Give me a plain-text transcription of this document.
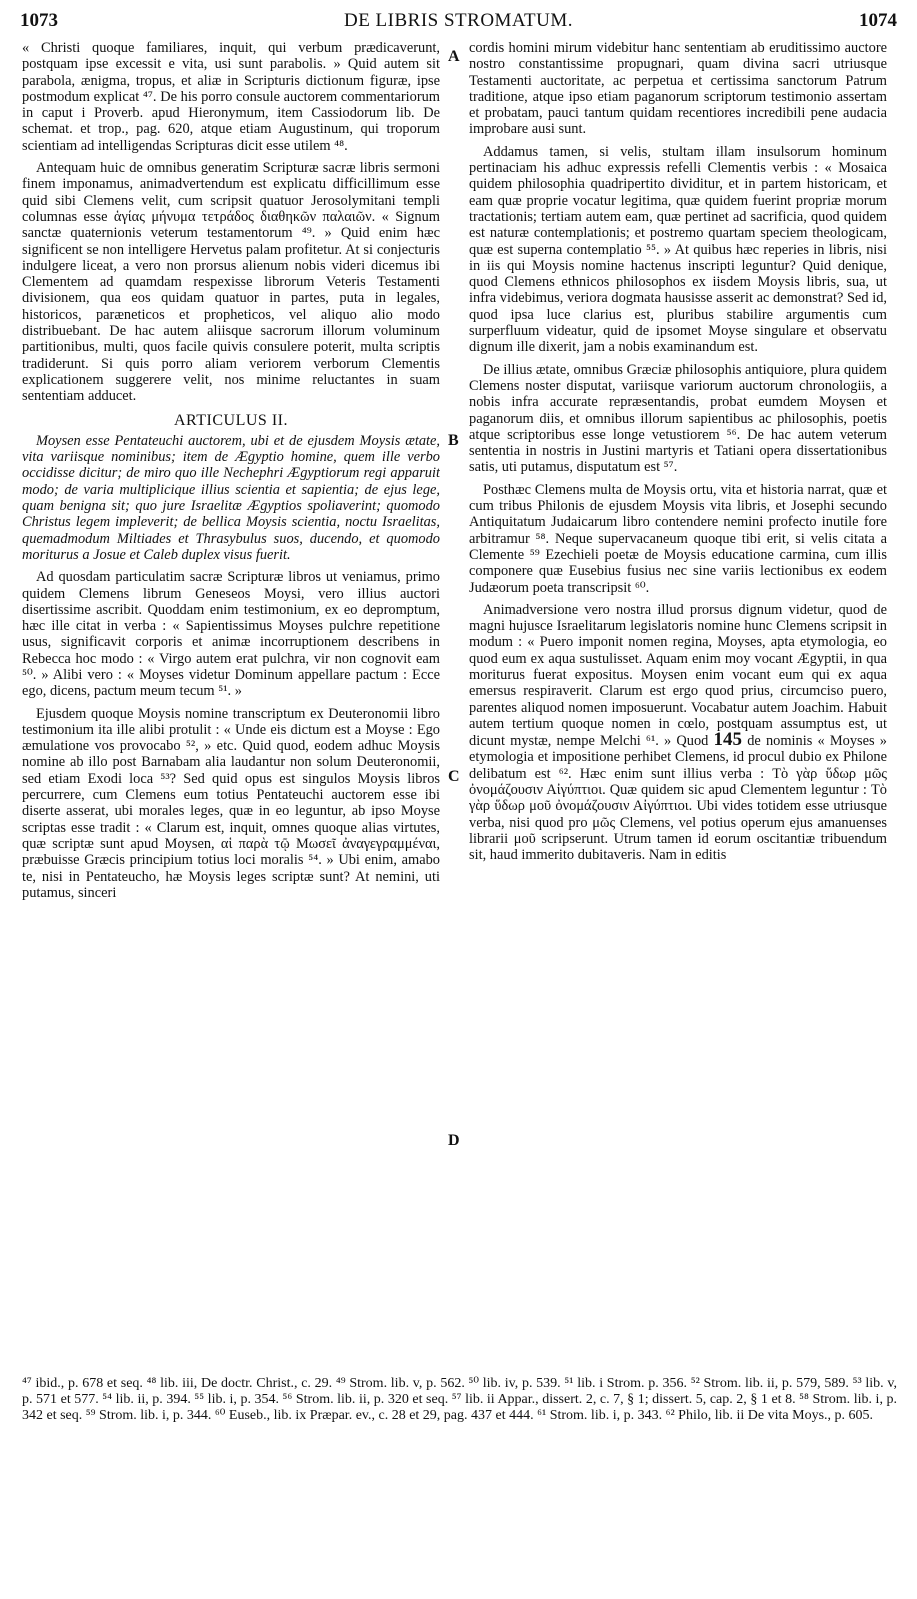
1073	DE LIBRIS STROMATUM.	1074

« Christi quoque familiares, inquit, qui verbum prædicaverunt, postquam ipse excessit e vita, usi sunt parabolis. » Quid autem sit parabola, ænigma, tropus, et aliæ in Scripturis dictionum figuræ, ipse postmodum explicat ⁴⁷. De his porro consule auctorem commentariorum in caput i Proverb. apud Hieronymum, item Cassiodorum lib. De schemat. et trop., pag. 620, atque etiam Augustinum, qui troporum scientiam ad intelligendas Scripturas dicit esse utilem ⁴⁸.

Antequam huic de omnibus generatim Scripturæ sacræ libris sermoni finem imponamus, animadvertendum est explicatu difficillimum esse quid sibi Clemens velit, cum scripsit quatuor Jerosolymitani templi columnas esse ἁγίας μήνυμα τετράδος διαθηκῶν παλαιῶν. « Signum sanctæ quaternionis veterum testamentorum ⁴⁹. » Quid enim hæc significent se non intelligere Hervetus palam profitetur. At si conjecturis indulgere liceat, a vero non prorsus alienum nobis videri dicemus ibi Clementem ad quamdam respexisse librorum Veteris Testamenti divisionem, qua eos quidam quatuor in partes, puta in legales, historicos, paræneticos et propheticos, vel aliquo alio modo distribuebant. De hac autem aliisque sacrorum illorum voluminum partitionibus, multi, quos facile quivis consulere poterit, multa scriptis tradiderunt. Si quis porro aliam veriorem verborum Clementis explicationem suggerere velit, nos minime reluctantes in suam sententiam adducet.

ARTICULUS II.

Moysen esse Pentateuchi auctorem, ubi et de ejusdem Moysis ætate, vita variisque nominibus; item de Ægyptio homine, quem ille verbo occidisse dicitur; de miro quo ille Nechephri Ægyptiorum regi apparuit modo; de varia multiplicique illius scientia et sapientia; de ejus lege, quam benigna sit; quo jure Israelitæ Ægyptios spoliaverint; quomodo Christus legem impleverit; de bellica Moysis scientia, noctu Israelitas, quemadmodum Miltiades et Thrasybulus suos, ducendo, et quomodo moriturus a Josue et Caleb duplex visus fuerit.

Ad quosdam particulatim sacræ Scripturæ libros ut veniamus, primo quidem Clemens librum Geneseos Moysi, vero illius auctori disertissime ascribit. Quoddam enim testimonium, ex eo depromptum, hæc ille citat in verba : « Sapientissimus Moyses pulchre repetitione usus, significavit corporis et animæ incorruptionem describens in Rebecca hoc modo : « Virgo autem erat pulchra, vir non cognovit eam ⁵⁰. » Alibi vero : « Moyses videtur Dominum appellare pactum : Ecce ego, dicens, pactum meum tecum ⁵¹. »

Ejusdem quoque Moysis nomine transcriptum ex Deuteronomii libro testimonium ita ille alibi protulit : « Unde eis dictum est a Moyse : Ego æmulatione vos provocabo ⁵², » etc. Quid quod, eodem adhuc Moysis nomine ab illo post Barnabam alia laudantur non solum Deuteronomii, sed etiam Exodi loca ⁵³? Sed quid opus est singulos Moysis libros percurrere, cum Clemens eum totius Pentateuchi auctorem esse ibi diserte asserat, ubi morales leges, quæ in eo leguntur, ab ipso Moyse scriptas esse tradit : « Clarum est, inquit, omnes quoque alias virtutes, quæ scriptæ sunt apud Moysen, αἱ παρὰ τῷ Μωσεῖ ἀναγεγραμμέναι, præbuisse Græcis principium totius loci moralis ⁵⁴. » Ubi enim, amabo te, nisi in Pentateucho, hæ Moysis leges scriptæ sunt? At nemini, uti putamus, sinceri

A
B
C
D

cordis homini mirum videbitur hanc sententiam ab eruditissimo auctore nostro constantissime propugnari, quam divina sacri utriusque Testamenti auctoritate, ac perpetua et certissima sanctorum Patrum traditione, atque ipso etiam paganorum scriptorum testimonio assertam et probatam, pauci tantum quidam recentiores incredibili pene audacia improbare ausi sunt.

Addamus tamen, si velis, stultam illam insulsorum hominum pertinaciam his adhuc expressis refelli Clementis verbis : « Mosaica quidem philosophia quadripertito dividitur, et in partem historicam, et eam quæ proprie vocatur legitima, quæ quidem fuerint propriæ morum tractationis; tertiam autem eam, quæ pertinet ad sacrificia, quod quidem est naturæ contemplationis; et postremo quartam speciem theologicam, quæ est superna contemplatio ⁵⁵. » At quibus hæc reperies in libris, nisi in iis qui Moysis nomine hactenus inscripti leguntur? Quid denique, quod Clemens ethnicos philosophos ex iisdem Moysis libris, sua, ut infra videbimus, veriora dogmata hausisse asserit ac demonstrat? Sed id, quod ipsa luce clarius est, pluribus stabilire argumentis cum surperfluum videatur, quid de ipsomet Moyse singulare et observatu dignum ille dixerit, jam a nobis examinandum est.

De illius ætate, omnibus Græciæ philosophis antiquiore, plura quidem Clemens noster disputat, variisque variorum auctorum chronologiis, a nobis infra accurate repræsentandis, probat eumdem Moysen et paganorum diis, et omnibus illorum sapientibus ac philosophis, poetis atque scriptoribus esse longe vetustiorem ⁵⁶. De hac autem veterum sententia in nostris in Justini martyris et Tatiani opera dissertationibus satis, uti putamus, disputatum est ⁵⁷.

Posthæc Clemens multa de Moysis ortu, vita et historia narrat, quæ et cum tribus Philonis de ejusdem Moysis vita libris, et Josephi secundo Antiquitatum Judaicarum libro contendere nemini profecto inutile fore arbitramur ⁵⁸. Neque supervacaneum quoque tibi erit, si velis citata a Clemente ⁵⁹ Ezechieli poetæ de Moysis educatione carmina, cum illis componere quæ Eusebius fusius nec sine variis lectionibus ex eodem Judæorum poeta transcripsit ⁶⁰.

Animadversione vero nostra illud prorsus dignum videtur, quod de magni hujusce Israelitarum legislatoris nomine hunc Clemens scripsit in modum : « Puero imponit nomen regina, Moyses, apta etymologia, eo quod eum ex aqua sustulisset. Aquam enim moy vocant Ægyptii, in qua moriturus fuerat expositus. Moysen enim vocant eum qui ex aqua emersus respiraverit. Clarum est ergo quod prius, circumciso puero, parentes aliquod nomen imposuerunt. Vocabatur autem Joachim. Habuit autem tertium quoque nomen in cœlo, postquam assumptus est, ut dicunt mystæ, nempe Melchi ⁶¹. » Quod 145 de nominis « Moyses » etymologia et impositione perhibet Clemens, id procul dubio ex Philone delibatum est ⁶². Hæc enim sunt illius verba : Τὸ γὰρ ὕδωρ μῶς ὀνομάζουσιν Αἰγύπτιοι. Quæ quidem sic apud Clementem leguntur : Τὸ γὰρ ὕδωρ μοῦ ὀνομάζουσιν Αἰγύπτιοι. Ubi vides totidem esse utriusque verba, nisi quod pro μῶς Clemens, vel potius operum ejus amanuenses librarii μοῦ scripserunt. Utrum tamen id eorum oscitantiæ tribuendum sit, haud immerito dubitaveris. Nam in editis

⁴⁷ ibid., p. 678 et seq. ⁴⁸ lib. iii, De doctr. Christ., c. 29. ⁴⁹ Strom. lib. v, p. 562. ⁵⁰ lib. iv, p. 539. ⁵¹ lib. i Strom. p. 356. ⁵² Strom. lib. ii, p. 579, 589. ⁵³ lib. v, p. 571 et 577. ⁵⁴ lib. ii, p. 394. ⁵⁵ lib. i, p. 354. ⁵⁶ Strom. lib. ii, p. 320 et seq. ⁵⁷ lib. ii Appar., dissert. 2, c. 7, § 1; dissert. 5, cap. 2, § 1 et 8. ⁵⁸ Strom. lib. i, p. 342 et seq. ⁵⁹ Strom. lib. i, p. 344. ⁶⁰ Euseb., lib. ix Præpar. ev., c. 28 et 29, pag. 437 et 444. ⁶¹ Strom. lib. i, p. 343. ⁶² Philo, lib. ii De vita Moys., p. 605.
